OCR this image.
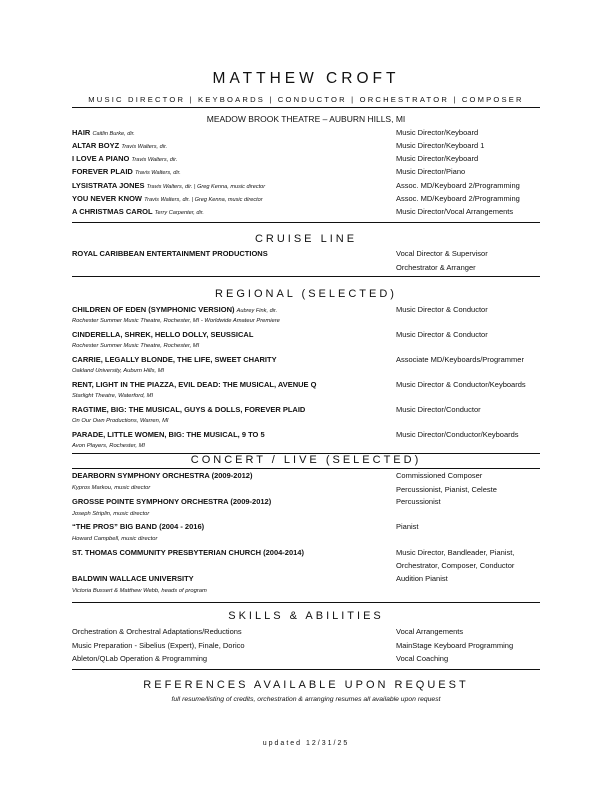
MATTHEW CROFT
MUSIC DIRECTOR | KEYBOARDS | CONDUCTOR | ORCHESTRATOR | COMPOSER
MEADOW BROOK THEATRE – AUBURN HILLS, MI
HAIR Caitlin Burke, dir.	Music Director/Keyboard
ALTAR BOYZ Travis Walters, dir.	Music Director/Keyboard 1
I LOVE A PIANO Travis Walters, dir.	Music Director/Keyboard
FOREVER PLAID Travis Walters, dir.	Music Director/Piano
LYSISTRATA JONES Travis Walters, dir. | Greg Kenna, music director	Assoc. MD/Keyboard 2/Programming
YOU NEVER KNOW Travis Walters, dir. | Greg Kenna, music director	Assoc. MD/Keyboard 2/Programming
A CHRISTMAS CAROL Terry Carpenter, dir.	Music Director/Vocal Arrangements
CRUISE LINE
ROYAL CARIBBEAN ENTERTAINMENT PRODUCTIONS	Vocal Director & Supervisor
Orchestrator & Arranger
REGIONAL (SELECTED)
CHILDREN OF EDEN (SYMPHONIC VERSION) Aubrey Fink, dir.	Music Director & Conductor
Rochester Summer Music Theatre, Rochester, MI - Worldwide Amateur Premiere
CINDERELLA, SHREK, HELLO DOLLY, SEUSSICAL	Music Director & Conductor
Rochester Summer Music Theatre, Rochester, MI
CARRIE, LEGALLY BLONDE, THE LIFE, SWEET CHARITY	Associate MD/Keyboards/Programmer
Oakland University, Auburn Hills, MI
RENT, LIGHT IN THE PIAZZA, EVIL DEAD: THE MUSICAL, AVENUE Q	Music Director & Conductor/Keyboards
Starlight Theatre, Waterford, MI
RAGTIME, BIG: THE MUSICAL, GUYS & DOLLS, FOREVER PLAID	Music Director/Conductor
On Our Own Productions, Warren, MI
PARADE, LITTLE WOMEN, BIG: THE MUSICAL, 9 TO 5	Music Director/Conductor/Keyboards
Avon Players, Rochester, MI
CONCERT / LIVE (SELECTED)
DEARBORN SYMPHONY ORCHESTRA (2009-2012)	Commissioned Composer
Kypros Markou, music director	Percussionist, Pianist, Celeste
GROSSE POINTE SYMPHONY ORCHESTRA (2009-2012)	Percussionist
Joseph Striplin, music director
“THE PROS” BIG BAND (2004 - 2016)	Pianist
Howard Campbell, music director
ST. THOMAS COMMUNITY PRESBYTERIAN CHURCH (2004-2014)	Music Director, Bandleader, Pianist,
Orchestrator, Composer, Conductor
BALDWIN WALLACE UNIVERSITY	Audition Pianist
Victoria Bussert & Matthew Webb, heads of program
SKILLS & ABILITIES
Orchestration & Orchestral Adaptations/Reductions	Vocal Arrangements
Music Preparation - Sibelius (Expert), Finale, Dorico	MainStage Keyboard Programming
Ableton/QLab Operation & Programming	Vocal Coaching
REFERENCES AVAILABLE UPON REQUEST
full resume/listing of credits, orchestration & arranging resumes all available upon request
updated 12/31/25
